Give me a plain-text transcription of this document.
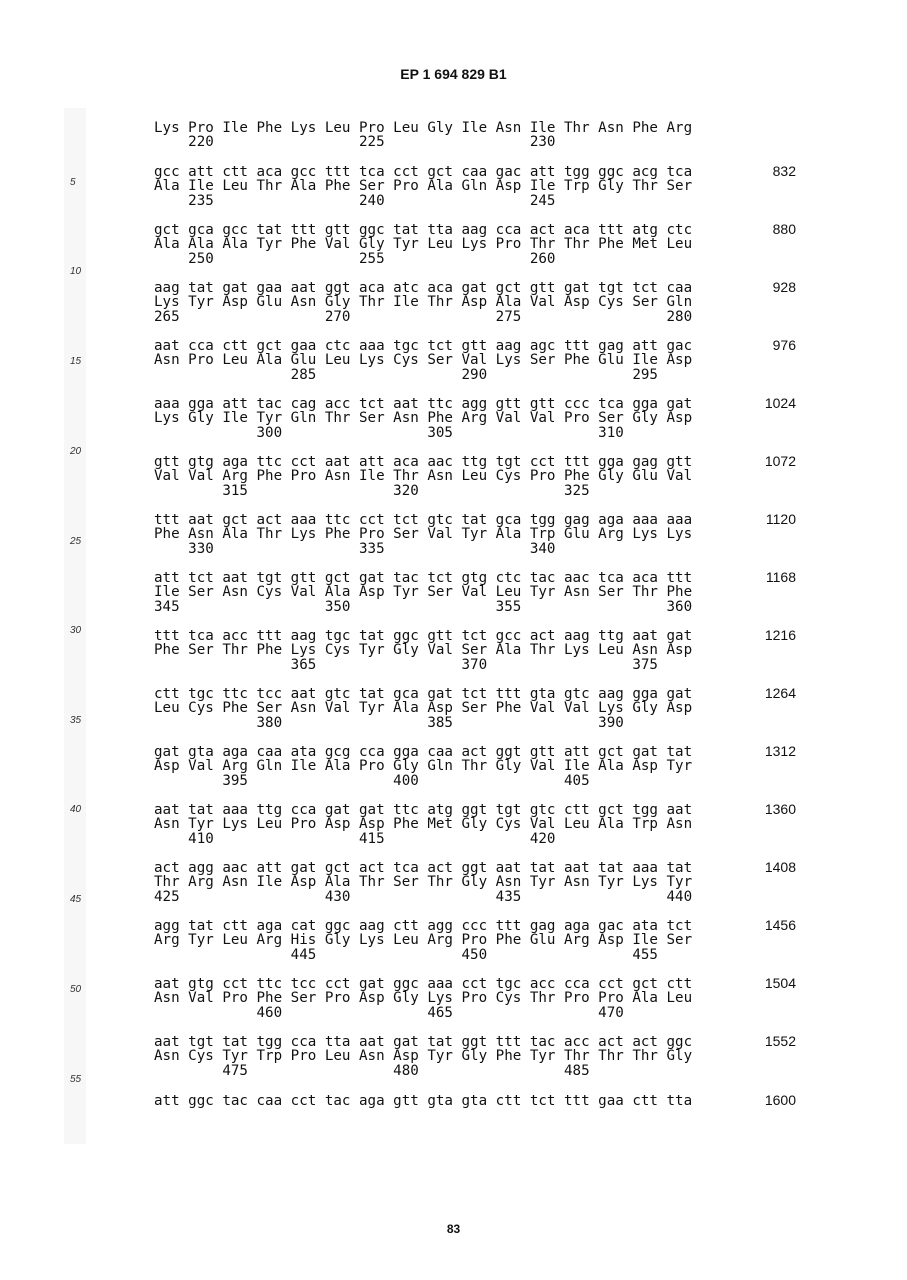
EP 1 694 829 B1
5
10
15
20
25
30
35
40
45
50
55
Lys Pro Ile Phe Lys Leu Pro Leu Gly Ile Asn Ile Thr Asn Phe Arg
220                 225                 230
gcc att ctt aca gcc ttt tca cct gct caa gac att tgg ggc acg tca
Ala Ile Leu Thr Ala Phe Ser Pro Ala Gln Asp Ile Trp Gly Thr Ser
235                 240                 245
832
gct gca gcc tat ttt gtt ggc tat tta aag cca act aca ttt atg ctc
Ala Ala Ala Tyr Phe Val Gly Tyr Leu Lys Pro Thr Thr Phe Met Leu
250                 255                 260
880
aag tat gat gaa aat ggt aca atc aca gat gct gtt gat tgt tct caa
Lys Tyr Asp Glu Asn Gly Thr Ile Thr Asp Ala Val Asp Cys Ser Gln
265                 270                 275                 280
928
aat cca ctt gct gaa ctc aaa tgc tct gtt aag agc ttt gag att gac
Asn Pro Leu Ala Glu Leu Lys Cys Ser Val Lys Ser Phe Glu Ile Asp
285                 290                 295
976
aaa gga att tac cag acc tct aat ttc agg gtt gtt ccc tca gga gat
Lys Gly Ile Tyr Gln Thr Ser Asn Phe Arg Val Val Pro Ser Gly Asp
300                 305                 310
1024
gtt gtg aga ttc cct aat att aca aac ttg tgt cct ttt gga gag gtt
Val Val Arg Phe Pro Asn Ile Thr Asn Leu Cys Pro Phe Gly Glu Val
315                 320                 325
1072
ttt aat gct act aaa ttc cct tct gtc tat gca tgg gag aga aaa aaa
Phe Asn Ala Thr Lys Phe Pro Ser Val Tyr Ala Trp Glu Arg Lys Lys
330                 335                 340
1120
att tct aat tgt gtt gct gat tac tct gtg ctc tac aac tca aca ttt
Ile Ser Asn Cys Val Ala Asp Tyr Ser Val Leu Tyr Asn Ser Thr Phe
345                 350                 355                 360
1168
ttt tca acc ttt aag tgc tat ggc gtt tct gcc act aag ttg aat gat
Phe Ser Thr Phe Lys Cys Tyr Gly Val Ser Ala Thr Lys Leu Asn Asp
365                 370                 375
1216
ctt tgc ttc tcc aat gtc tat gca gat tct ttt gta gtc aag gga gat
Leu Cys Phe Ser Asn Val Tyr Ala Asp Ser Phe Val Val Lys Gly Asp
380                 385                 390
1264
gat gta aga caa ata gcg cca gga caa act ggt gtt att gct gat tat
Asp Val Arg Gln Ile Ala Pro Gly Gln Thr Gly Val Ile Ala Asp Tyr
395                 400                 405
1312
aat tat aaa ttg cca gat gat ttc atg ggt tgt gtc ctt gct tgg aat
Asn Tyr Lys Leu Pro Asp Asp Phe Met Gly Cys Val Leu Ala Trp Asn
410                 415                 420
1360
act agg aac att gat gct act tca act ggt aat tat aat tat aaa tat
Thr Arg Asn Ile Asp Ala Thr Ser Thr Gly Asn Tyr Asn Tyr Lys Tyr
425                 430                 435                 440
1408
agg tat ctt aga cat ggc aag ctt agg ccc ttt gag aga gac ata tct
Arg Tyr Leu Arg His Gly Lys Leu Arg Pro Phe Glu Arg Asp Ile Ser
445                 450                 455
1456
aat gtg cct ttc tcc cct gat ggc aaa cct tgc acc cca cct gct ctt
Asn Val Pro Phe Ser Pro Asp Gly Lys Pro Cys Thr Pro Pro Ala Leu
460                 465                 470
1504
aat tgt tat tgg cca tta aat gat tat ggt ttt tac acc act act ggc
Asn Cys Tyr Trp Pro Leu Asn Asp Tyr Gly Phe Tyr Thr Thr Thr Gly
475                 480                 485
1552
att ggc tac caa cct tac aga gtt gta gta ctt tct ttt gaa ctt tta	1600
83
